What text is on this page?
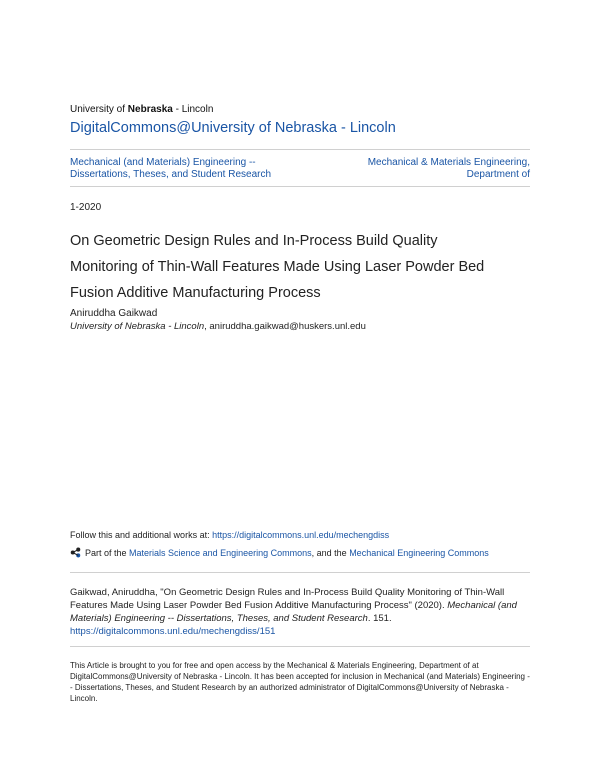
University of Nebraska - Lincoln
DigitalCommons@University of Nebraska - Lincoln
Mechanical (and Materials) Engineering --
Dissertations, Theses, and Student Research
Mechanical & Materials Engineering,
Department of
1-2020
On Geometric Design Rules and In-Process Build Quality
Monitoring of Thin-Wall Features Made Using Laser Powder Bed
Fusion Additive Manufacturing Process
Aniruddha Gaikwad
University of Nebraska - Lincoln, aniruddha.gaikwad@huskers.unl.edu
Follow this and additional works at: https://digitalcommons.unl.edu/mechengdiss
Part of the
Materials Science and Engineering Commons , and the
Mechanical Engineering Commons
Gaikwad, Aniruddha, "On Geometric Design Rules and In-Process Build Quality Monitoring of Thin-Wall Features Made Using Laser Powder Bed Fusion Additive Manufacturing Process" (2020). Mechanical (and Materials) Engineering -- Dissertations, Theses, and Student Research. 151.
https://digitalcommons.unl.edu/mechengdiss/151
This Article is brought to you for free and open access by the Mechanical & Materials Engineering, Department of at DigitalCommons@University of Nebraska - Lincoln. It has been accepted for inclusion in Mechanical (and Materials) Engineering -- Dissertations, Theses, and Student Research by an authorized administrator of DigitalCommons@University of Nebraska - Lincoln.
